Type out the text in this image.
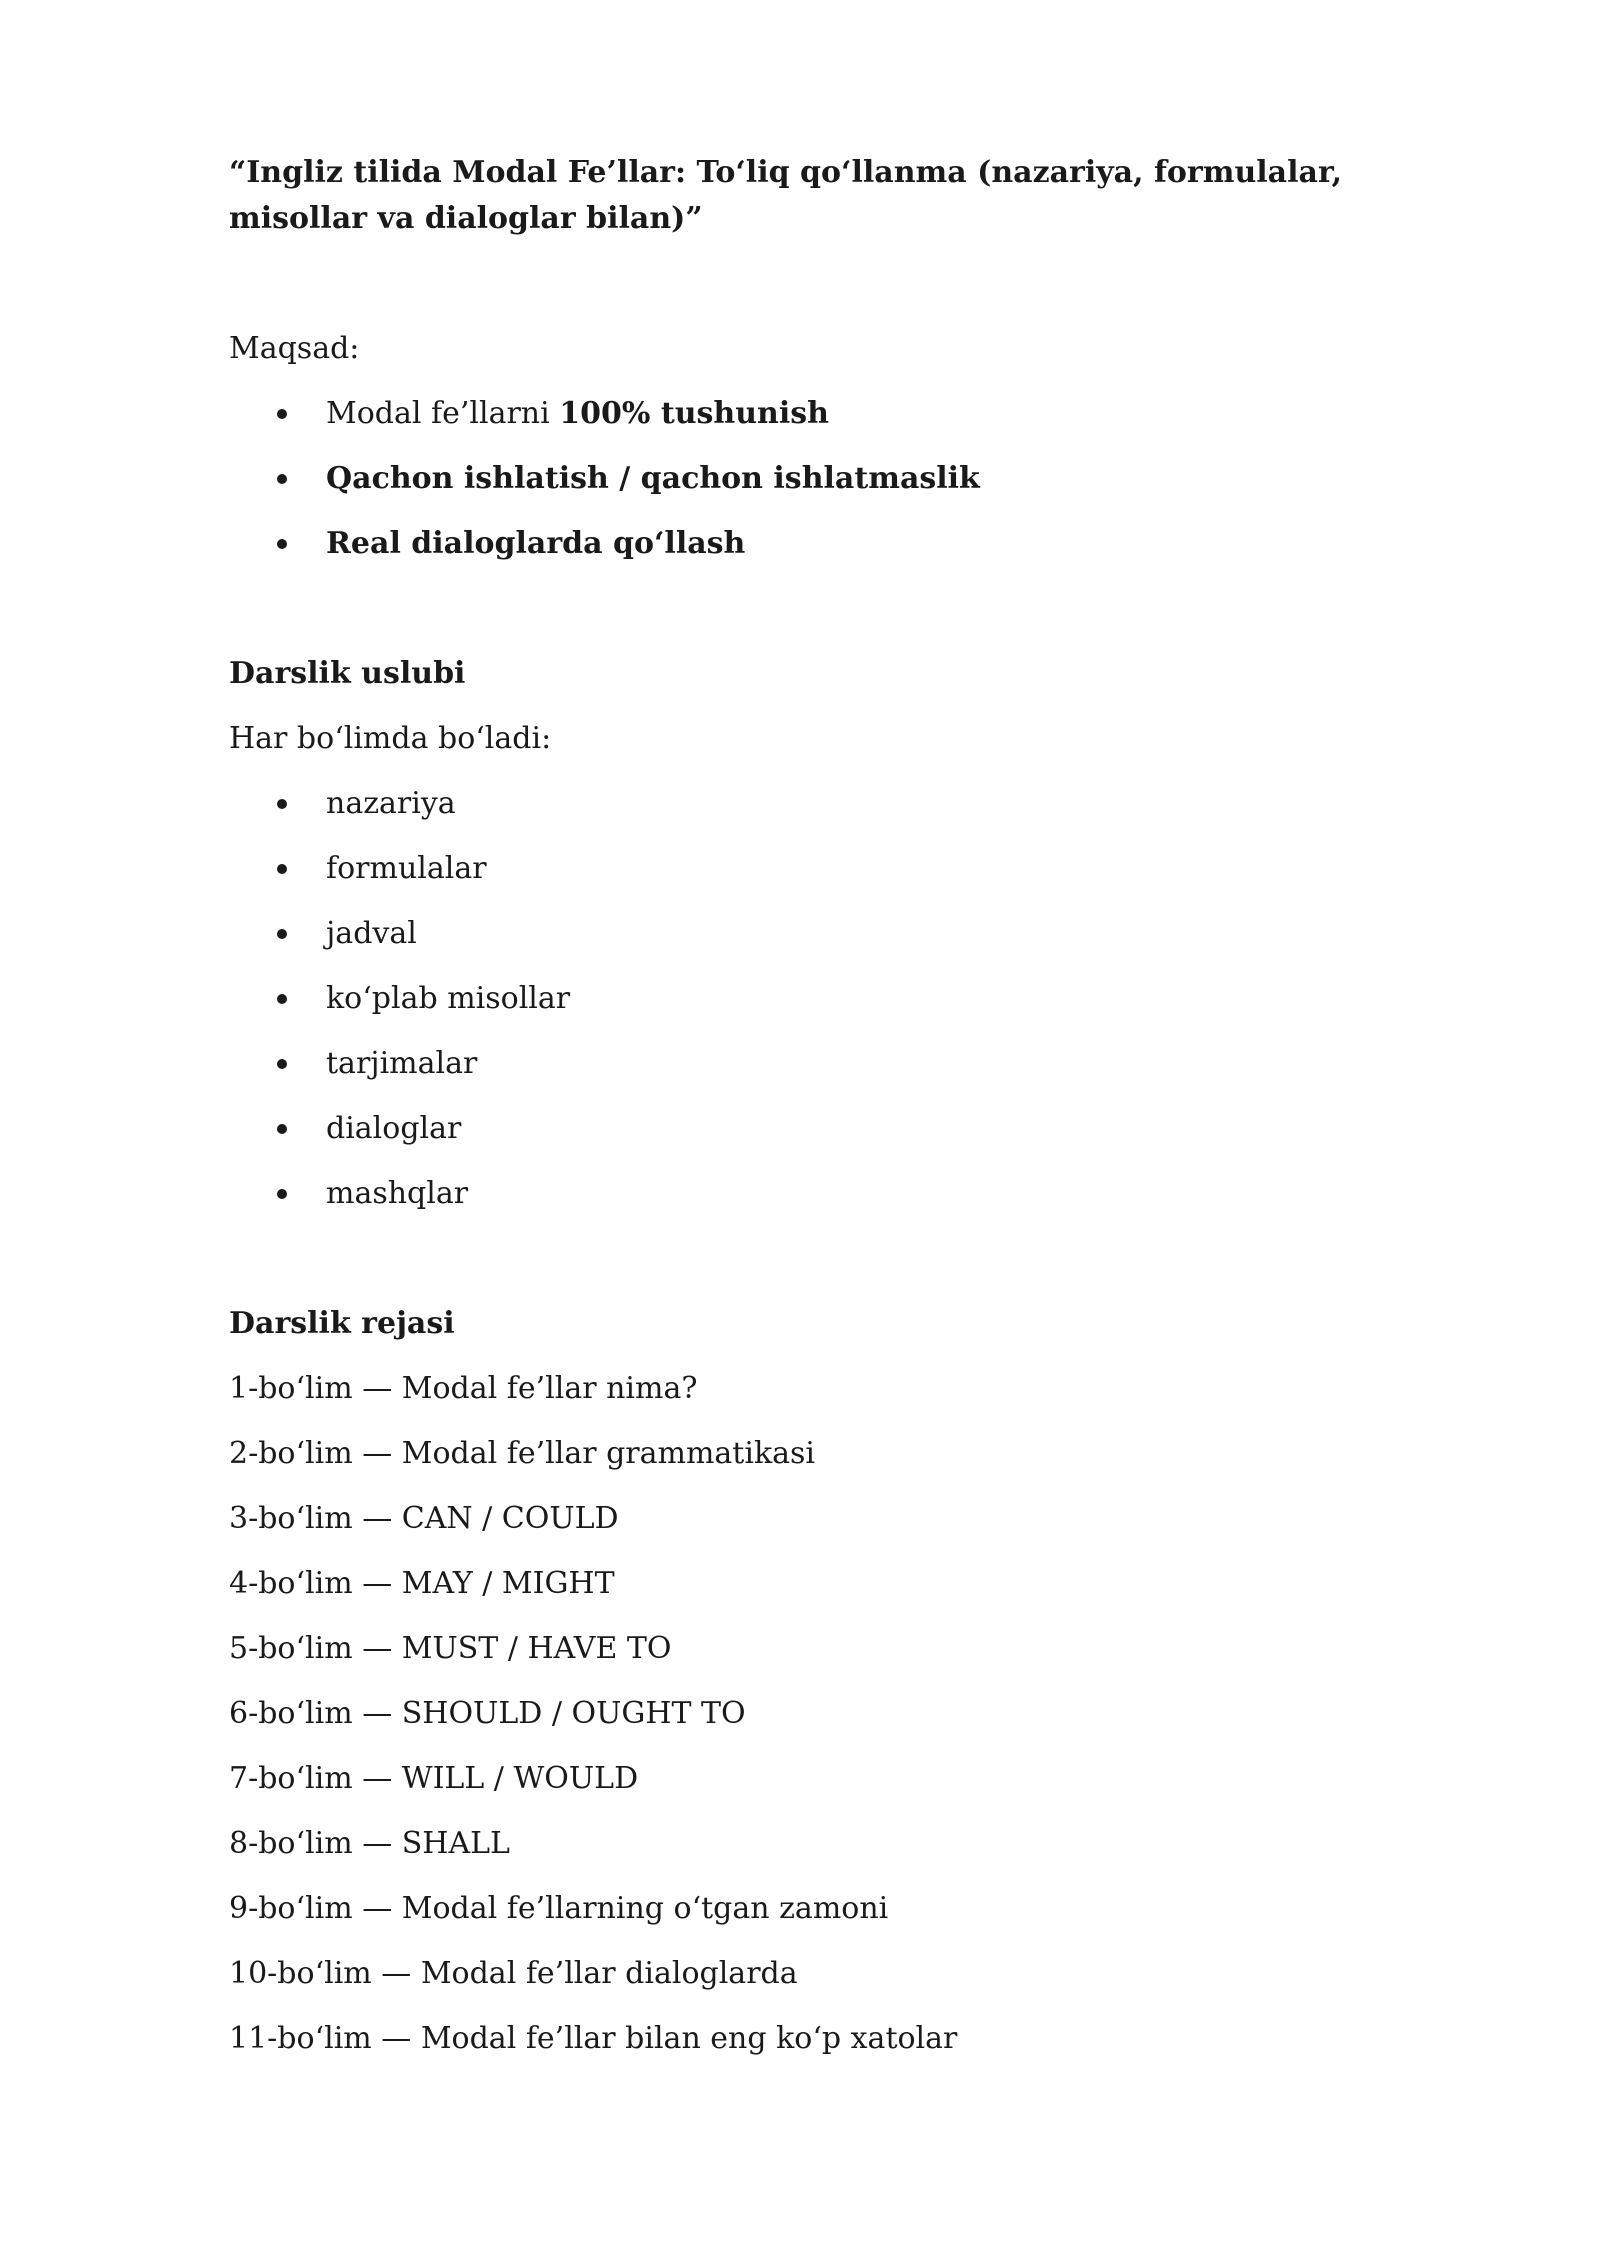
“Ingliz tilida Modal Fe’llar: To‘liq qo‘llanma (nazariya, formulalar, misollar va dialoglar bilan)”

Maqsad:

Modal fe’llarni 100% tushunish
Qachon ishlatish / qachon ishlatmaslik
Real dialoglarda qo‘llash

Darslik uslubi

Har bo‘limda bo‘ladi:

nazariya
formulalar
jadval
ko‘plab misollar
tarjimalar
dialoglar
mashqlar

Darslik rejasi

1-bo‘lim — Modal fe’llar nima?

2-bo‘lim — Modal fe’llar grammatikasi

3-bo‘lim — CAN / COULD

4-bo‘lim — MAY / MIGHT

5-bo‘lim — MUST / HAVE TO

6-bo‘lim — SHOULD / OUGHT TO

7-bo‘lim — WILL / WOULD

8-bo‘lim — SHALL

9-bo‘lim — Modal fe’llarning o‘tgan zamoni

10-bo‘lim — Modal fe’llar dialoglarda

11-bo‘lim — Modal fe’llar bilan eng ko‘p xatolar
